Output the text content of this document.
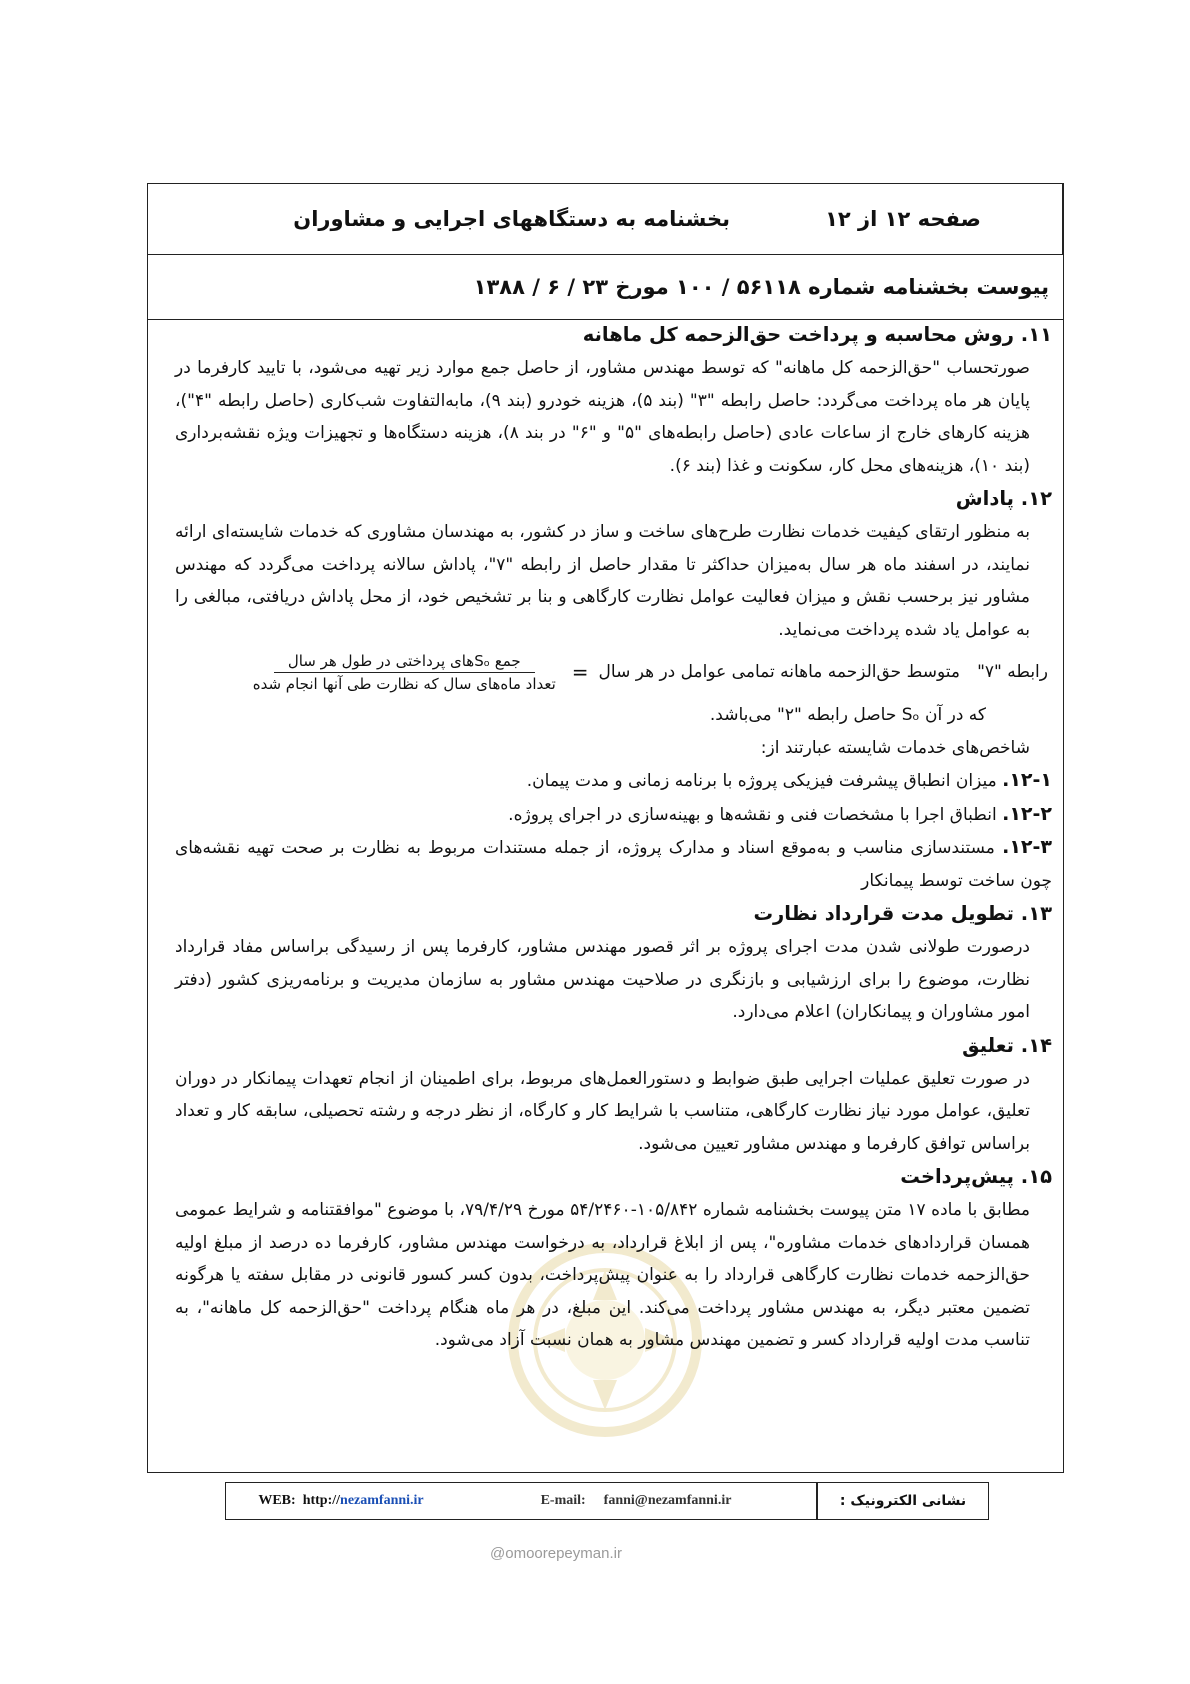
بخشنامه به دستگاههای اجرایی و مشاوران	صفحه ۱۲ از ۱۲
پیوست بخشنامه شماره ۵۶۱۱۸ / ۱۰۰ مورخ ۲۳ / ۶ / ۱۳۸۸

۱۱. روش محاسبه و پرداخت حق‌الزحمه کل ماهانه

صورتحساب "حق‌الزحمه کل ماهانه" که توسط مهندس مشاور، از حاصل جمع موارد زیر تهیه می‌شود، با تایید کارفرما در پایان هر ماه پرداخت می‌گردد: حاصل رابطه "۳" (بند ۵)، هزینه خودرو (بند ۹)، مابه‌التفاوت شب‌کاری (حاصل رابطه "۴")، هزینه کارهای خارج از ساعات عادی (حاصل رابطه‌های "۵" و "۶" در بند ۸)، هزینه دستگاه‌ها و تجهیزات ویژه نقشه‌برداری (بند ۱۰)، هزینه‌های محل کار، سکونت و غذا (بند ۶).

۱۲. پاداش

به منظور ارتقای کیفیت خدمات نظارت طرح‌های ساخت و ساز در کشور، به مهندسان مشاوری که خدمات شایسته‌ای ارائه نمایند، در اسفند ماه هر سال به‌میزان حداکثر تا مقدار حاصل از رابطه "۷"، پاداش سالانه پرداخت می‌گردد که مهندس مشاور نیز برحسب نقش و میزان فعالیت عوامل نظارت کارگاهی و بنا بر تشخیص خود، از محل پاداش دریافتی، مبالغی را به عوامل یاد شده پرداخت می‌نماید.

رابطه "۷"
متوسط حق‌الزحمه ماهانه تمامی عوامل در هر سال
=
$\frac{\text{جمع Sₒهای پرداختی در طول هر سال}}{\text{تعداد ماه‌های سال که نظارت طی آنها انجام شده}}$

که در آن Sₒ حاصل رابطه "۲" می‌باشد.

شاخص‌های خدمات شایسته عبارتند از:

۱۲-۱. میزان انطباق پیشرفت فیزیکی پروژه با برنامه زمانی و مدت پیمان.

۱۲-۲. انطباق اجرا با مشخصات فنی و نقشه‌ها و بهینه‌سازی در اجرای پروژه.

۱۲-۳. مستندسازی مناسب و به‌موقع اسناد و مدارک پروژه، از جمله مستندات مربوط به نظارت بر صحت تهیه نقشه‌های چون ساخت توسط پیمانکار

۱۳. تطویل مدت قرارداد نظارت

درصورت طولانی شدن مدت اجرای پروژه بر اثر قصور مهندس مشاور، کارفرما پس از رسیدگی براساس مفاد قرارداد نظارت، موضوع را برای ارزشیابی و بازنگری در صلاحیت مهندس مشاور به سازمان مدیریت و برنامه‌ریزی کشور (دفتر امور مشاوران و پیمانکاران) اعلام می‌دارد.

۱۴. تعلیق

در صورت تعلیق عملیات اجرایی طبق ضوابط و دستورالعمل‌های مربوط، برای اطمینان از انجام تعهدات پیمانکار در دوران تعلیق، عوامل مورد نیاز نظارت کارگاهی، متناسب با شرایط کار و کارگاه، از نظر درجه و رشته تحصیلی، سابقه کار و تعداد براساس توافق کارفرما و مهندس مشاور تعیین می‌شود.

۱۵. پیش‌پرداخت

مطابق با ماده ۱۷ متن پیوست بخشنامه شماره ۱۰۵/۸۴۲-۵۴/۲۴۶۰ مورخ ۷۹/۴/۲۹، با موضوع "موافقتنامه و شرایط عمومی همسان قراردادهای خدمات مشاوره"، پس از ابلاغ قرارداد، به درخواست مهندس مشاور، کارفرما ده درصد از مبلغ اولیه حق‌الزحمه خدمات نظارت کارگاهی قرارداد را به عنوان پیش‌پرداخت، بدون کسر کسور قانونی در مقابل سفته یا هرگونه تضمین معتبر دیگر، به مهندس مشاور پرداخت می‌کند. این مبلغ، در هر ماه هنگام پرداخت "حق‌الزحمه کل ماهانه"، به تناسب مدت اولیه قرارداد کسر و تضمین مهندس مشاور به همان نسبت آزاد می‌شود.

WEB:
http:// nezamfanni.ir	E-mail: fanni@nezamfanni.ir	نشانی الکترونیک :
@omoorepeyman.ir
